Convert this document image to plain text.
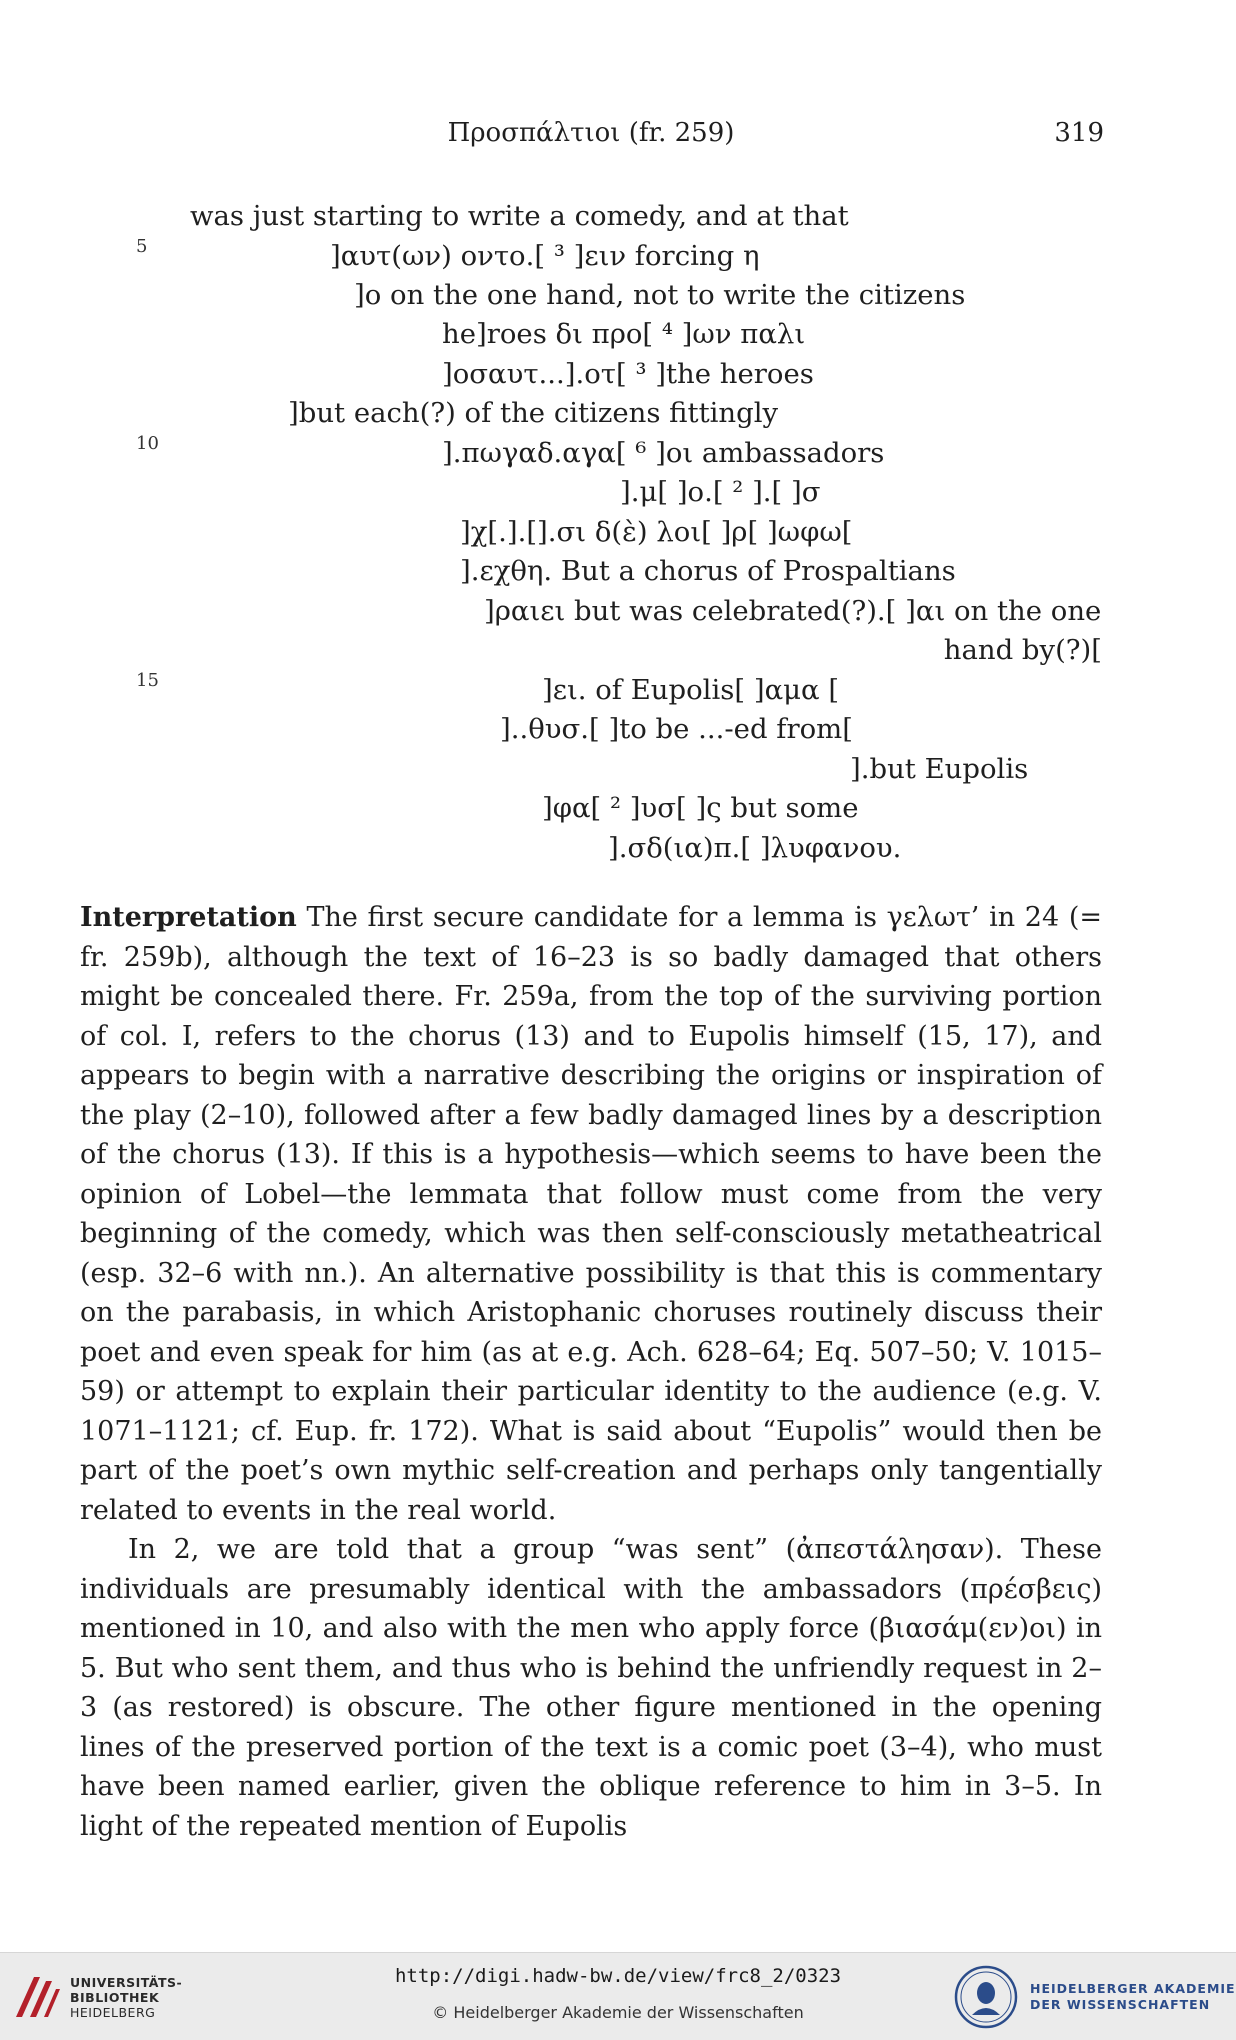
Προσπάλτιοι (fr. 259)	319
was just starting to write a comedy, and at that
5	]αυτ(ων) οντο.[ ³ ]ειν forcing η
]ο on the one hand, not to write the citizens
he]roes δι προ[ ⁴ ]ων παλι
]οσαυτ...].οτ[ ³ ]the heroes
]but each(?) of the citizens fittingly
10	].πωγαδ.αγα[ ⁶ ]οι ambassadors
].μ[ ]ο.[ ² ].[ ]σ
]χ[.].[].σι δ(ὲ) λοι[ ]ρ[ ]ωφω[
].εχθη. But a chorus of Prospaltians
]ραιει but was celebrated(?).[ ]αι on the one
hand by(?)[
15	]ει. of Eupolis[ ]αμα [
]..θυσ.[ ]to be ...-ed from[
].but Eupolis
]φα[ ² ]υσ[ ]ς but some
].σδ(ια)π.[ ]λυφανου.

Interpretation The first secure candidate for a lemma is γελωτ’ in 24 (= fr. 259b), although the text of 16–23 is so badly damaged that others might be concealed there. Fr. 259a, from the top of the surviving portion of col. I, refers to the chorus (13) and to Eupolis himself (15, 17), and appears to begin with a narrative describing the origins or inspiration of the play (2–10), followed after a few badly damaged lines by a description of the chorus (13). If this is a hypothesis—which seems to have been the opinion of Lobel—the lemmata that follow must come from the very beginning of the comedy, which was then self-consciously metatheatrical (esp. 32–6 with nn.). An alternative possibility is that this is commentary on the parabasis, in which Aristophanic choruses routinely discuss their poet and even speak for him (as at e.g. Ach. 628–64; Eq. 507–50; V. 1015–59) or attempt to explain their particular identity to the audience (e.g. V. 1071–1121; cf. Eup. fr. 172). What is said about “Eupolis” would then be part of the poet’s own mythic self-creation and perhaps only tangentially related to events in the real world.

In 2, we are told that a group “was sent” (ἀπεστάλησαν). These individuals are presumably identical with the ambassadors (πρέσβεις) mentioned in 10, and also with the men who apply force (βιασάμ(εν)οι) in 5. But who sent them, and thus who is behind the unfriendly request in 2–3 (as restored) is obscure. The other figure mentioned in the opening lines of the preserved portion of the text is a comic poet (3–4), who must have been named earlier, given the oblique reference to him in 3–5. In light of the repeated mention of Eupolis

UNIVERSITÄTS-
BIBLIOTHEK
HEIDELBERG
http://digi.hadw-bw.de/view/frc8_2/0323
© Heidelberger Akademie der Wissenschaften
HEIDELBERGER AKADEMIE
DER WISSENSCHAFTEN
